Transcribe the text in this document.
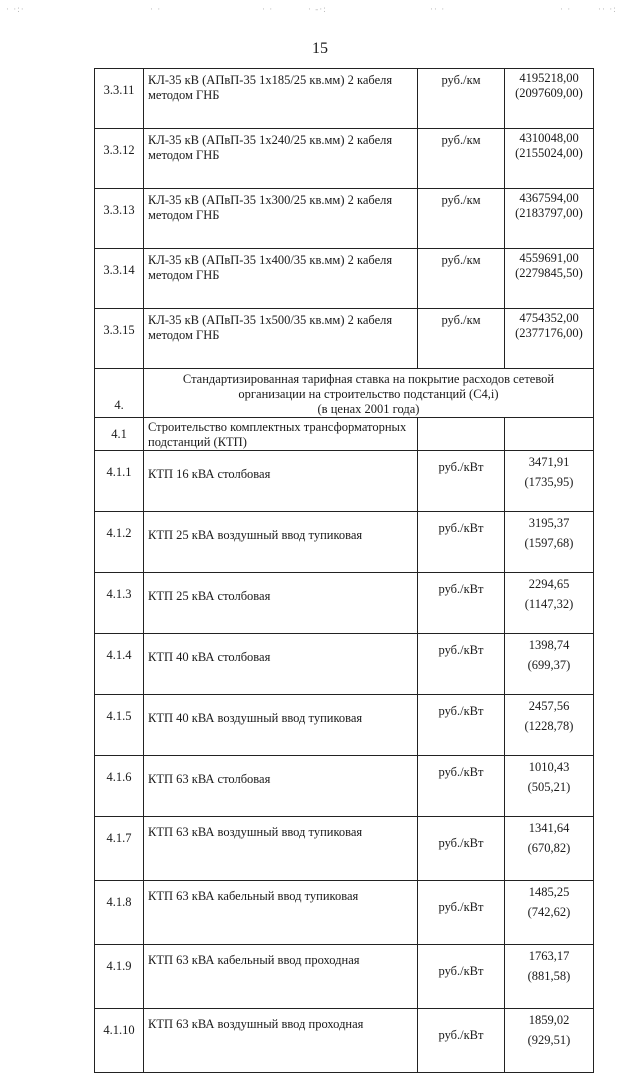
· ·:·	· ·	· ·	· -·:	·· ·	· ·	·· ·:
15
3.3.11	КЛ-35 кВ (АПвП-35 1х185/25 кв.мм) 2 кабеля методом ГНБ	руб./км	4195218,00
(2097609,00)

3.3.12	КЛ-35 кВ (АПвП-35 1х240/25 кв.мм) 2 кабеля методом ГНБ	руб./км	4310048,00
(2155024,00)

3.3.13	КЛ-35 кВ (АПвП-35 1х300/25 кв.мм) 2 кабеля методом ГНБ	руб./км	4367594,00
(2183797,00)

3.3.14	КЛ-35 кВ (АПвП-35 1х400/35 кв.мм) 2 кабеля методом ГНБ	руб./км	4559691,00
(2279845,50)

3.3.15	КЛ-35 кВ (АПвП-35 1х500/35 кв.мм) 2 кабеля методом ГНБ	руб./км	4754352,00
(2377176,00)

4.	Стандартизированная тарифная ставка на покрытие расходов сетевой
организации на строительство подстанций (С4,i)
(в ценах 2001 года)		

4.1	Строительство комплектных трансформаторных подстанций (КТП)		
4.1.1	КТП 16 кВА столбовая	руб./кВт	3471,91
(1735,95)

4.1.2	КТП 25 кВА воздушный ввод тупиковая	руб./кВт	3195,37
(1597,68)

4.1.3	КТП 25 кВА столбовая	руб./кВт	2294,65
(1147,32)

4.1.4	КТП 40 кВА столбовая	руб./кВт	1398,74
(699,37)

4.1.5	КТП 40 кВА воздушный ввод тупиковая	руб./кВт	2457,56
(1228,78)

4.1.6	КТП 63 кВА столбовая	руб./кВт	1010,43
(505,21)

4.1.7	КТП 63 кВА воздушный ввод тупиковая	руб./кВт	1341,64
(670,82)

4.1.8	КТП 63 кВА кабельный ввод тупиковая	руб./кВт	1485,25
(742,62)

4.1.9	КТП 63 кВА кабельный ввод проходная	руб./кВт	1763,17
(881,58)

4.1.10	КТП 63 кВА воздушный ввод проходная	руб./кВт	1859,02
(929,51)
